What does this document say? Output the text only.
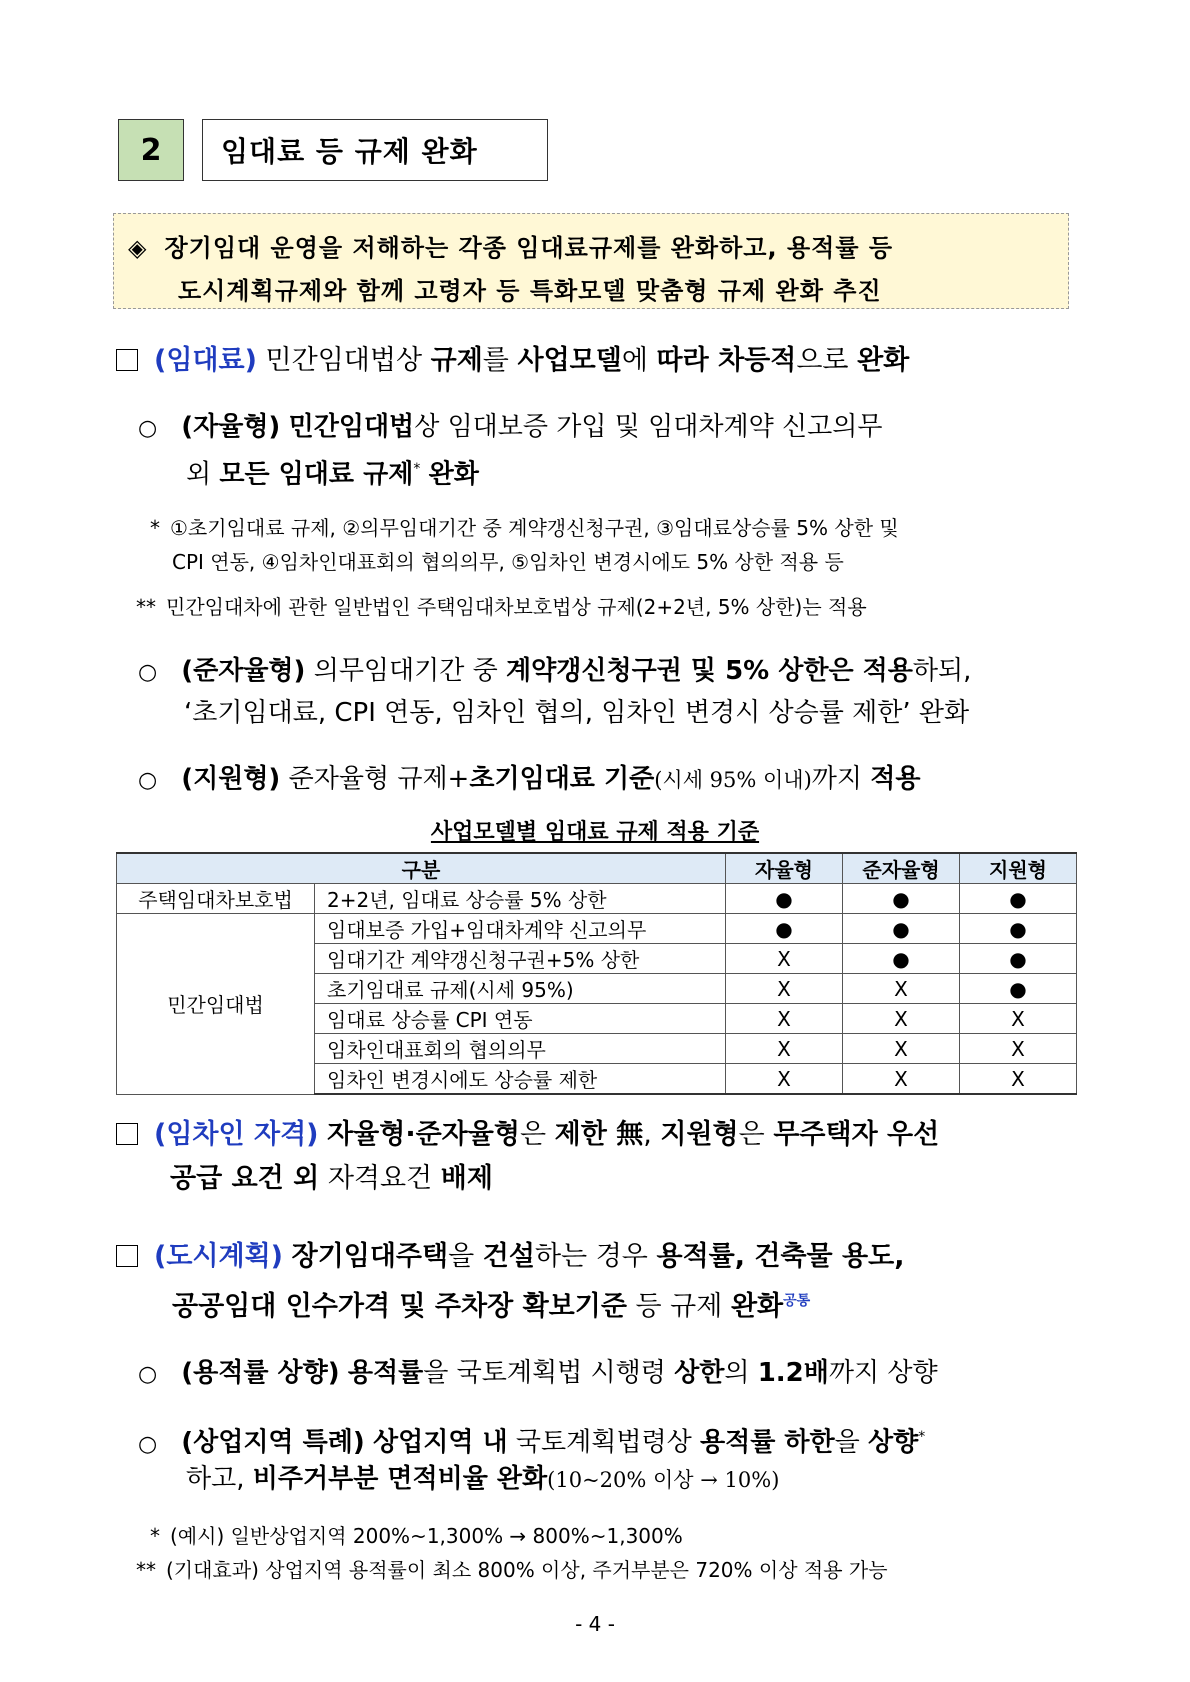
2	임대료 등 규제 완화
◈ 장기임대 운영을 저해하는 각종 임대료규제를 완화하고, 용적률 등
도시계획규제와 함께 고령자 등 특화모델 맞춤형 규제 완화 추진
(임대료) 민간임대법상 규제를 사업모델에 따라 차등적으로 완화
○ (자율형) 민간임대법상 임대보증 가입 및 임대차계약 신고의무
외 모든 임대료 규제* 완화
* ①초기임대료 규제, ②의무임대기간 중 계약갱신청구권, ③임대료상승률 5% 상한 및
CPI 연동, ④임차인대표회의 협의의무, ⑤임차인 변경시에도 5% 상한 적용 등
** 민간임대차에 관한 일반법인 주택임대차보호법상 규제(2+2년, 5% 상한)는 적용
○ (준자율형) 의무임대기간 중 계약갱신청구권 및 5% 상한은 적용하되,
‘초기임대료, CPI 연동, 임차인 협의, 임차인 변경시 상승률 제한’ 완화
○ (지원형) 준자율형 규제+초기임대료 기준(시세 95% 이내)까지 적용
사업모델별 임대료 규제 적용 기준
구분		자율형	준자율형	지원형
주택임대차보호법	2+2년, 임대료 상승률 5% 상한	●	●	●
민간임대법	임대보증 가입+임대차계약 신고의무	●	●	●
	임대기간 계약갱신청구권+5% 상한	X	●	●
	초기임대료 규제(시세 95%)	X	X	●
	임대료 상승률 CPI 연동	X	X	X
	임차인대표회의 협의의무	X	X	X
	임차인 변경시에도 상승률 제한	X	X	X
(임차인 자격) 자율형·준자율형은 제한 無, 지원형은 무주택자 우선
공급 요건 외 자격요건 배제
(도시계획) 장기임대주택을 건설하는 경우 용적률, 건축물 용도,
공공임대 인수가격 및 주차장 확보기준 등 규제 완화$^{공통}$
○ (용적률 상향) 용적률을 국토계획법 시행령 상한의 1.2배까지 상향
○ (상업지역 특례) 상업지역 내 국토계획법령상 용적률 하한을 상향*
하고, 비주거부분 면적비율 완화(10~20% 이상 → 10%)
* (예시) 일반상업지역 200%~1,300% → 800%~1,300%
** (기대효과) 상업지역 용적률이 최소 800% 이상, 주거부분은 720% 이상 적용 가능
- 4 -
